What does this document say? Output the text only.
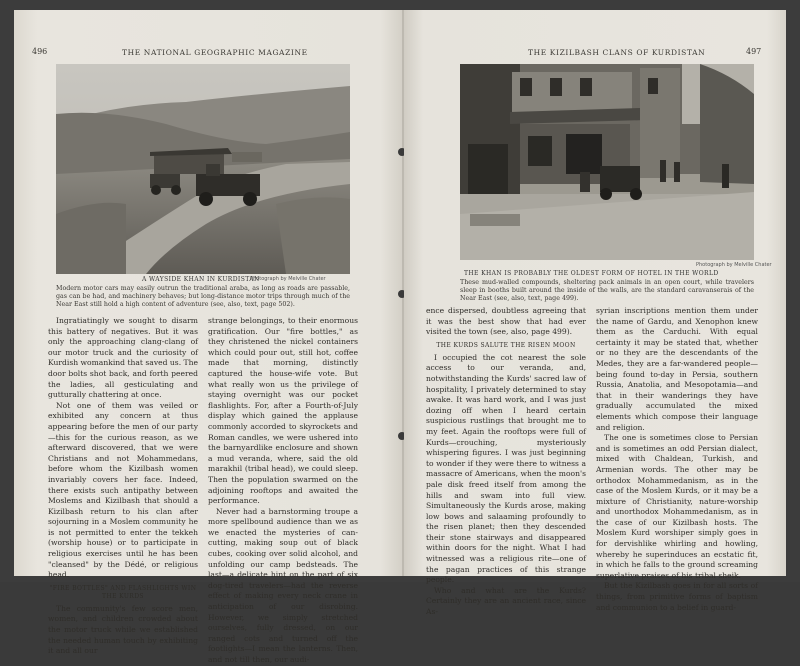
496	THE NATIONAL GEOGRAPHIC MAGAZINE
Photograph by Melville Chater
A WAYSIDE KHAN IN KURDISTAN
Modern motor cars may easily outrun the traditional araba, as long as roads are passable, gas can be had, and machinery behaves; but long-distance motor trips through much of the Near East still hold a high content of adventure (see, also, text, page 502).

Ingratiatingly we sought to disarm this battery of negatives. But it was only the approaching clang-clang of our motor truck and the curiosity of Kurdish womankind that saved us. The door bolts shot back, and forth peered the ladies, all gesticulating and gutturally chattering at once.

Not one of them was veiled or exhibited any concern at thus appearing before the men of our party—this for the curious reason, as we afterward discovered, that we were Christians and not Mohammedans, before whom the Kizilbash women invariably covers her face. Indeed, there exists such antipathy between Moslems and Kizilbash that should a Kizilbash return to his clan after sojourning in a Moslem community he is not permitted to enter the tekkeh (worship house) or to participate in religious exercises until he has been "cleansed" by the Dédé, or religious head.

"FIRE BOTTLES" AND FLASHLIGHTS WIN THE KURDS

The community's few score men, women, and children crowded about the motor truck while we established the needed human touch by exhibiting it and all our

strange belongings, to their enormous gratification. Our "fire bottles," as they christened the nickel containers which could pour out, still hot, coffee made that morning, distinctly captured the house-wife vote. But what really won us the privilege of staying overnight was our pocket flashlights. For, after a Fourth-of-July display which gained the applause commonly accorded to skyrockets and Roman candles, we were ushered into the barnyardlike enclosure and shown a mud veranda, where, said the old marakhil (tribal head), we could sleep. Then the population swarmed on the adjoining rooftops and awaited the performance.

Never had a barnstorming troupe a more spellbound audience than we as we enacted the mysteries of can-cutting, making soup out of black cubes, cooking over solid alcohol, and unfolding our camp bedsteads. The last—a delicate hint on the part of six dog-tired travelers—had the reverse effect of making every neck crane in anticipation of our disrobing. However, we simply stretched ourselves, fully dressed, on our ranged cots and turned off the footlights—I mean the lanterns. Then, and not till then, our audi-

THE KIZILBASH CLANS OF KURDISTAN	497
Photograph by Melville Chater
THE KHAN IS PROBABLY THE OLDEST FORM OF HOTEL IN THE WORLD
These mud-walled compounds, sheltering pack animals in an open court, while travelers sleep in booths built around the inside of the walls, are the standard caravanserais of the Near East (see, also, text, page 499).

ence dispersed, doubtless agreeing that it was the best show that had ever visited the town (see, also, page 499).

THE KURDS SALUTE THE RISEN MOON

I occupied the cot nearest the sole access to our veranda, and, notwithstanding the Kurds' sacred law of hospitality, I privately determined to stay awake. It was hard work, and I was just dozing off when I heard certain suspicious rustlings that brought me to my feet. Again the rooftops were full of Kurds—crouching, mysteriously whispering figures. I was just beginning to wonder if they were there to witness a massacre of Americans, when the moon's pale disk freed itself from among the hills and swam into full view. Simultaneously the Kurds arose, making low bows and salaaming profoundly to the risen planet; then they descended their stone stairways and disappeared within doors for the night. What I had witnessed was a religious rite—one of the pagan practices of this strange people.

Who and what are the Kurds? Certainly they are an ancient race, since As-

syrian inscriptions mention them under the name of Gardu, and Xenophon knew them as the Carduchi. With equal certainty it may be stated that, whether or no they are the descendants of the Medes, they are a far-wandered people—being found to-day in Persia, southern Russia, Anatolia, and Mesopotamia—and that in their wanderings they have gradually accumulated the mixed elements which compose their language and religion.

The one is sometimes close to Persian and is sometimes an odd Persian dialect, mixed with Chaldean, Turkish, and Armenian words. The other may be orthodox Mohammedanism, as in the case of the Moslem Kurds, or it may be a mixture of Christianity, nature-worship and unorthodox Mohammedanism, as in the case of our Kizilbash hosts. The Moslem Kurd worshiper simply goes in for dervishlike whirling and howling, whereby he superinduces an ecstatic fit, in which he falls to the ground screaming superlative praises of his tribal sheik.

But the Kizilbash goes in for all sorts of things, from primitive forms of baptism and communion to a belief in guard-
